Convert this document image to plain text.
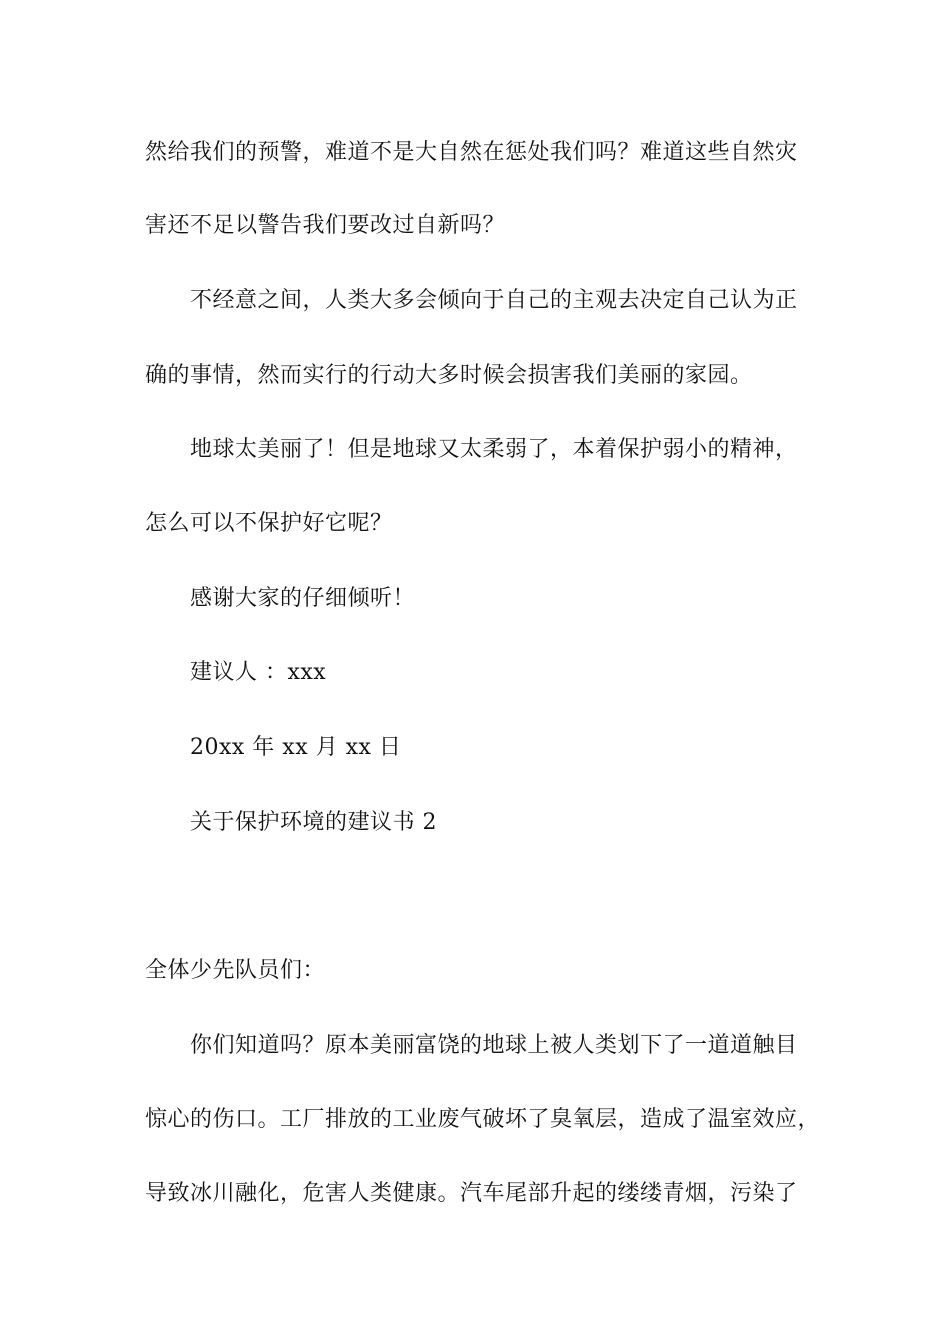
然给我们的预警，难道不是大自然在惩处我们吗？难道这些自然灾
害还不足以警告我们要改过自新吗？
不经意之间，人类大多会倾向于自己的主观去决定自己认为正
确的事情，然而实行的行动大多时候会损害我们美丽的家园。
地球太美丽了！但是地球又太柔弱了，本着保护弱小的精神，
怎么可以不保护好它呢？
感谢大家的仔细倾听！
建议人 ：xxx
20xx 年 xx 月 xx 日
关于保护环境的建议书 2
全体少先队员们：
你们知道吗？原本美丽富饶的地球上被人类划下了一道道触目
惊心的伤口。工厂排放的工业废气破坏了臭氧层，造成了温室效应，
导致冰川融化，危害人类健康。汽车尾部升起的缕缕青烟，污染了
